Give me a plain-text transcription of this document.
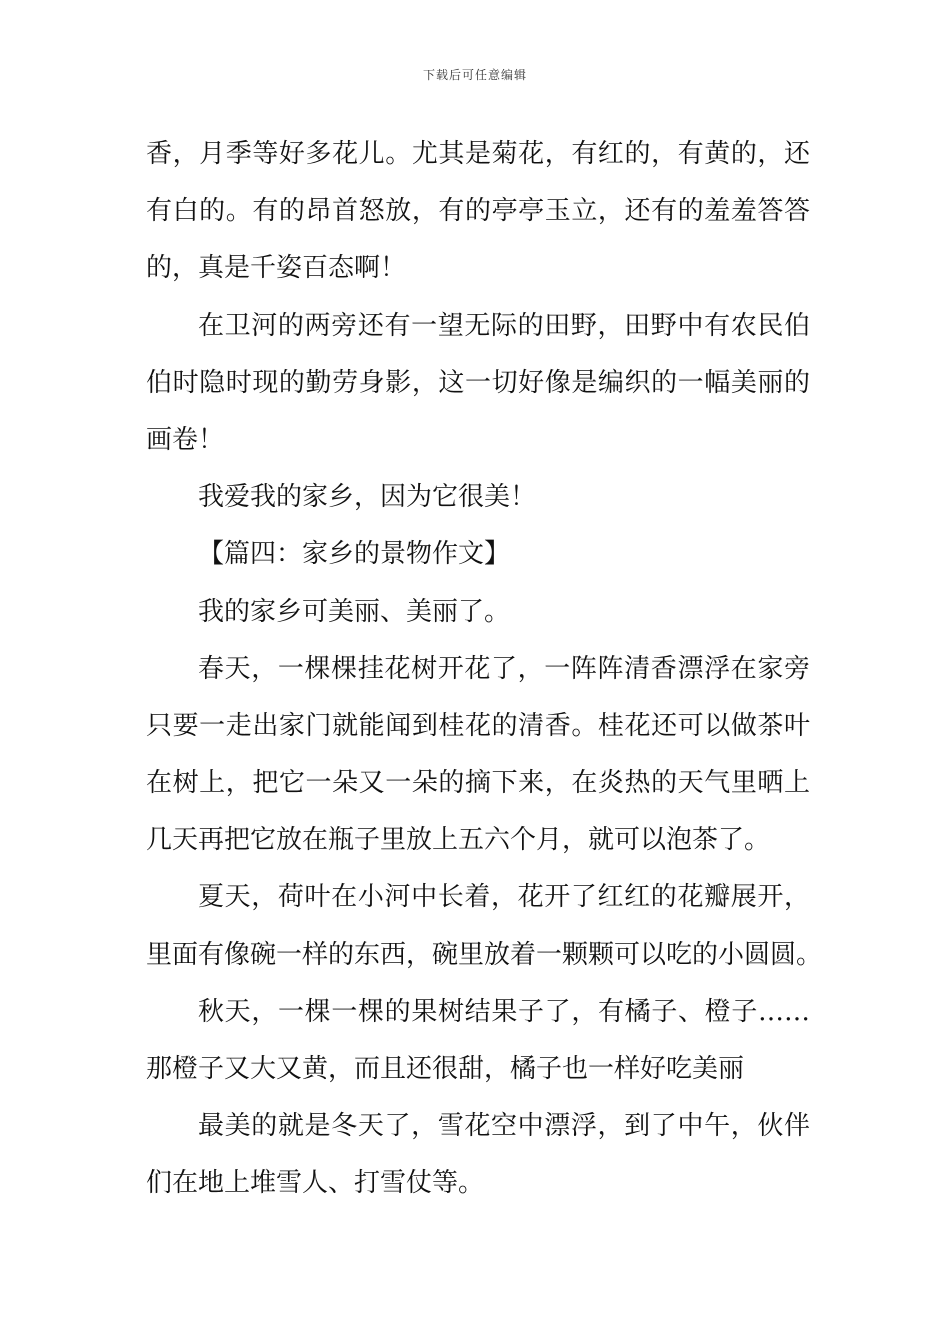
下载后可任意编辑
香，月季等好多花儿。尤其是菊花，有红的，有黄的，还
有白的。有的昂首怒放，有的亭亭玉立，还有的羞羞答答
的，真是千姿百态啊！
在卫河的两旁还有一望无际的田野，田野中有农民伯
伯时隐时现的勤劳身影，这一切好像是编织的一幅美丽的
画卷！
我爱我的家乡，因为它很美！
【篇四：家乡的景物作文】
我的家乡可美丽、美丽了。
春天，一棵棵挂花树开花了，一阵阵清香漂浮在家旁
只要一走出家门就能闻到桂花的清香。桂花还可以做茶叶
在树上，把它一朵又一朵的摘下来，在炎热的天气里晒上
几天再把它放在瓶子里放上五六个月，就可以泡茶了。
夏天，荷叶在小河中长着，花开了红红的花瓣展开，
里面有像碗一样的东西，碗里放着一颗颗可以吃的小圆圆。
秋天，一棵一棵的果树结果子了，有橘子、橙子……
那橙子又大又黄，而且还很甜，橘子也一样好吃美丽
最美的就是冬天了，雪花空中漂浮，到了中午，伙伴
们在地上堆雪人、打雪仗等。
